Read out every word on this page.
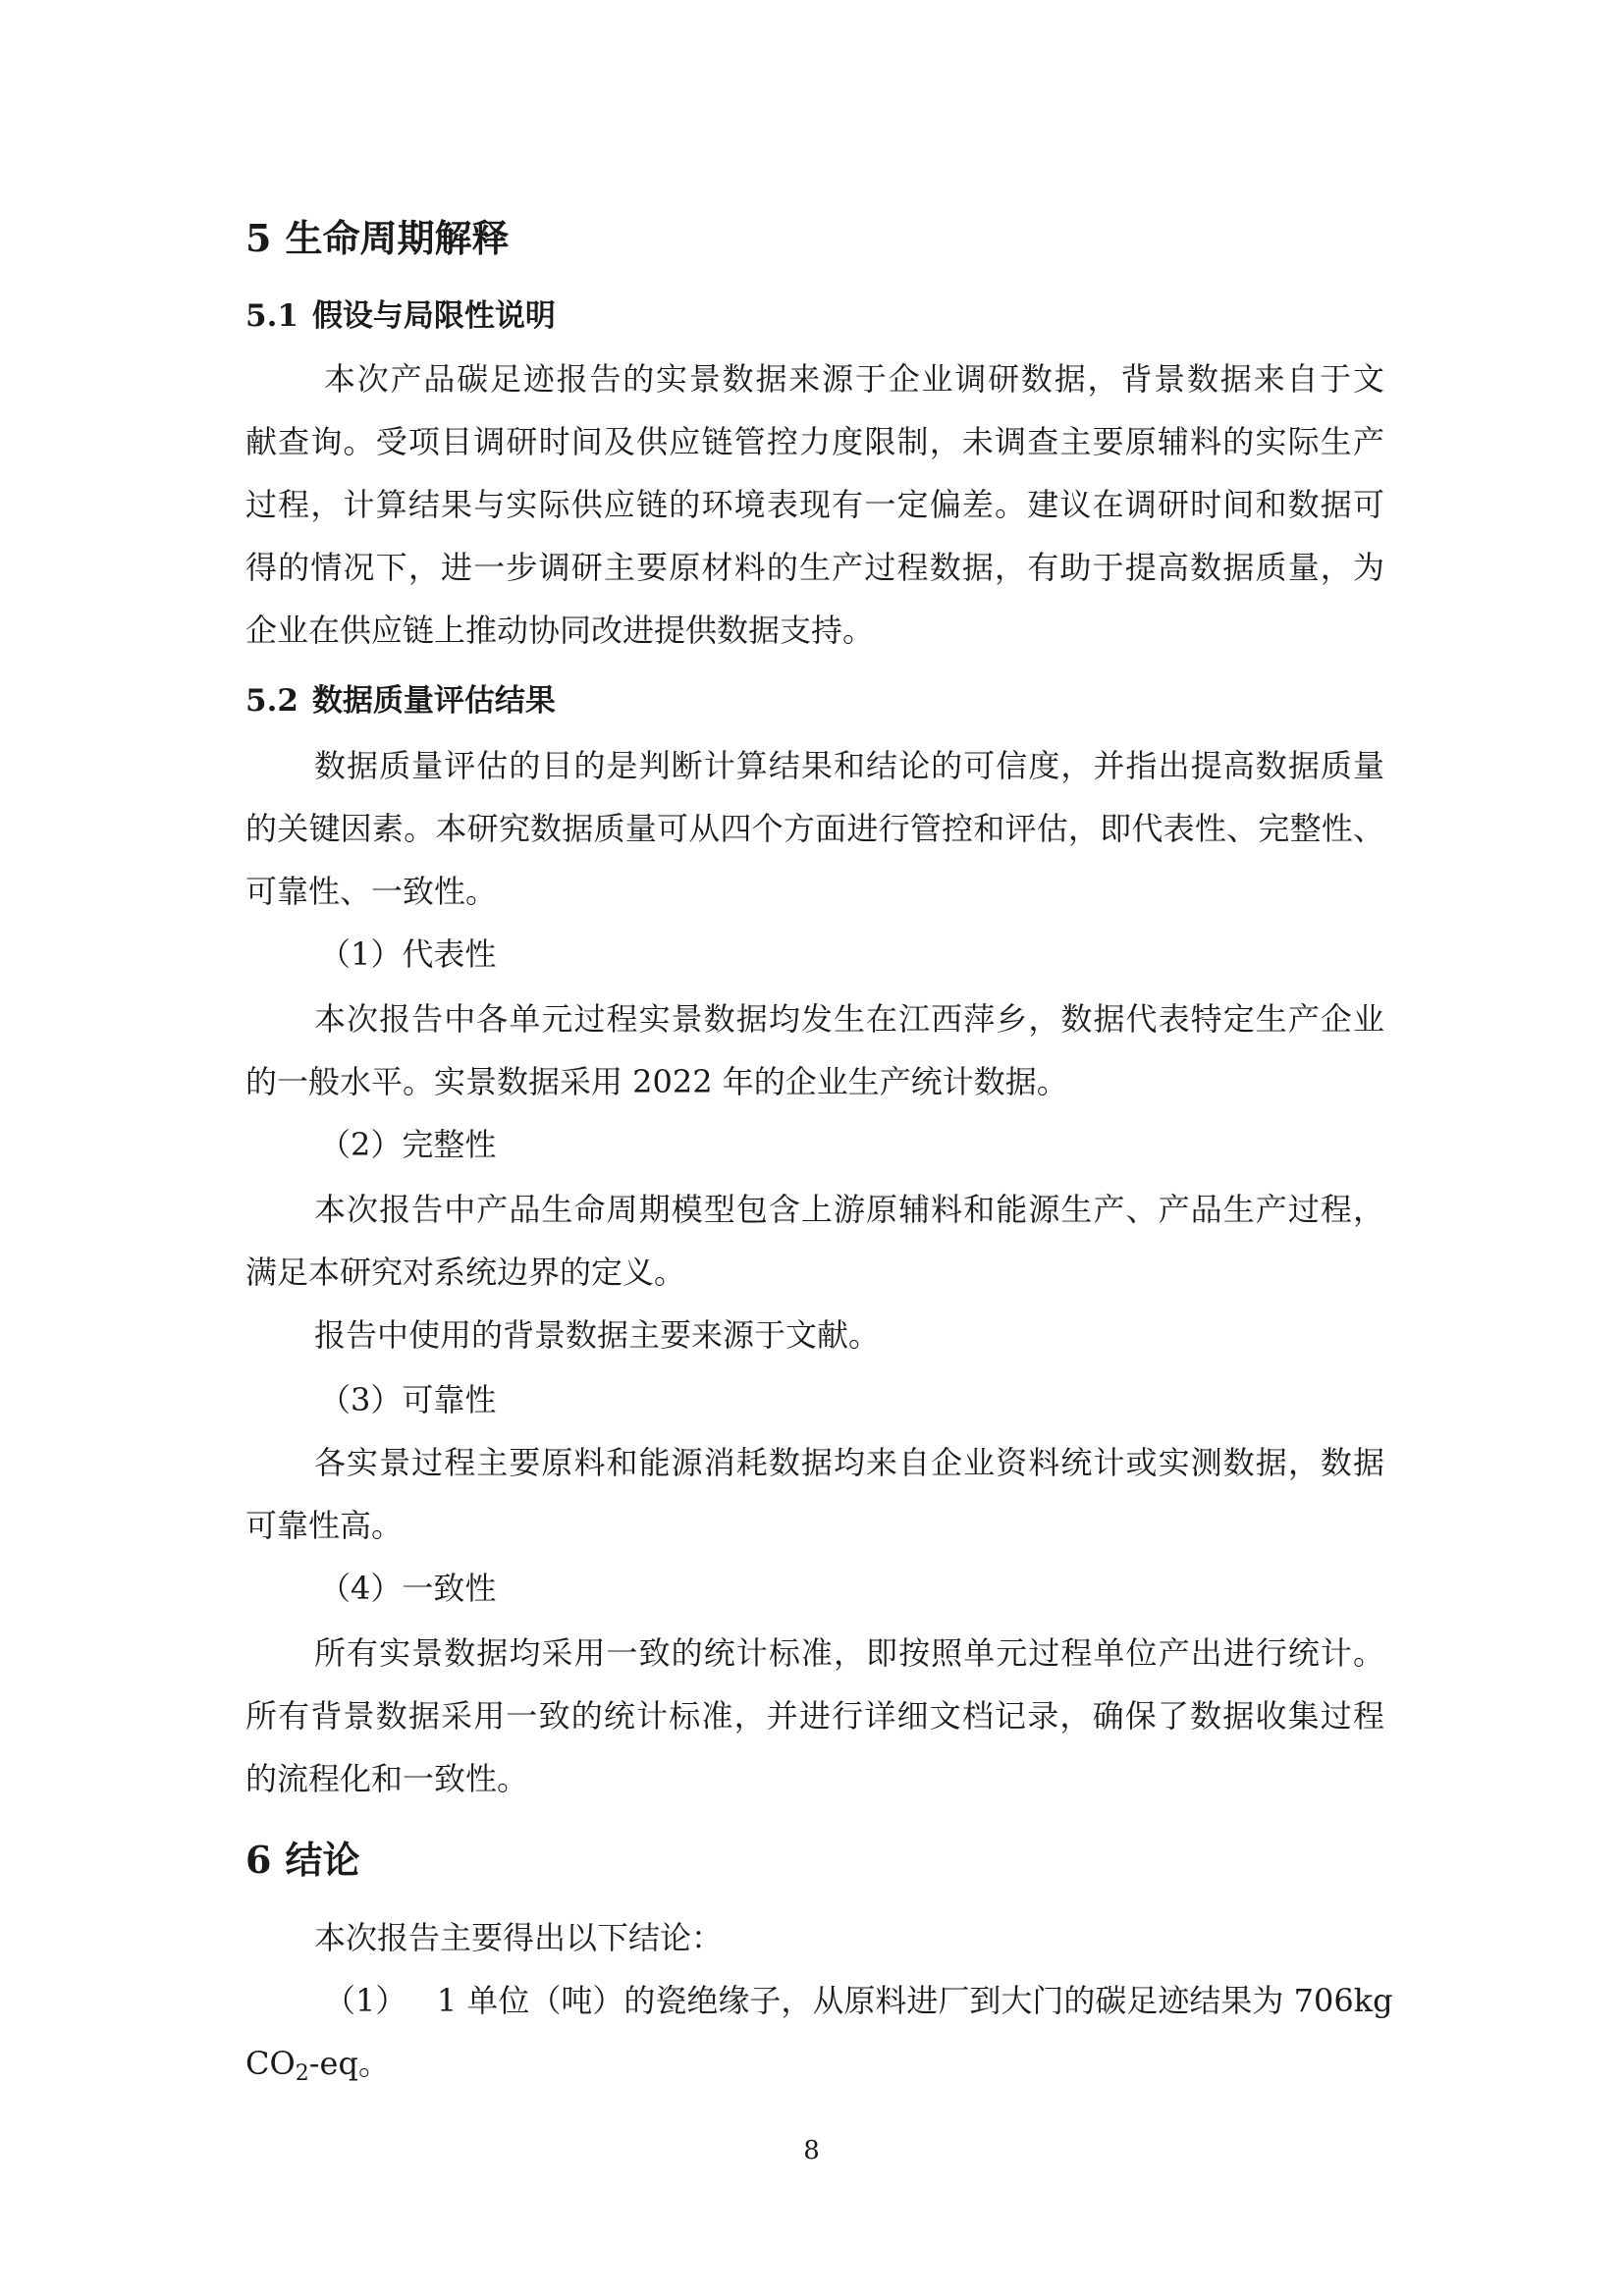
5 生命周期解释
5.1 假设与局限性说明
本次产品碳足迹报告的实景数据来源于企业调研数据，背景数据来自于文
献查询。受项目调研时间及供应链管控力度限制，未调查主要原辅料的实际生产
过程，计算结果与实际供应链的环境表现有一定偏差。建议在调研时间和数据可
得的情况下，进一步调研主要原材料的生产过程数据，有助于提高数据质量，为
企业在供应链上推动协同改进提供数据支持。
5.2 数据质量评估结果
数据质量评估的目的是判断计算结果和结论的可信度，并指出提高数据质量
的关键因素。本研究数据质量可从四个方面进行管控和评估，即代表性、完整性、
可靠性、一致性。
（1）代表性
本次报告中各单元过程实景数据均发生在江西萍乡，数据代表特定生产企业
的一般水平。实景数据采用 2022 年的企业生产统计数据。
（2）完整性
本次报告中产品生命周期模型包含上游原辅料和能源生产、产品生产过程，
满足本研究对系统边界的定义。
报告中使用的背景数据主要来源于文献。
（3）可靠性
各实景过程主要原料和能源消耗数据均来自企业资料统计或实测数据，数据
可靠性高。
（4）一致性
所有实景数据均采用一致的统计标准，即按照单元过程单位产出进行统计。
所有背景数据采用一致的统计标准，并进行详细文档记录，确保了数据收集过程
的流程化和一致性。
6 结论
本次报告主要得出以下结论：
（1） 1 单位（吨）的瓷绝缘子，从原料进厂到大门的碳足迹结果为 706kg
$CO_2-eq$。
8
